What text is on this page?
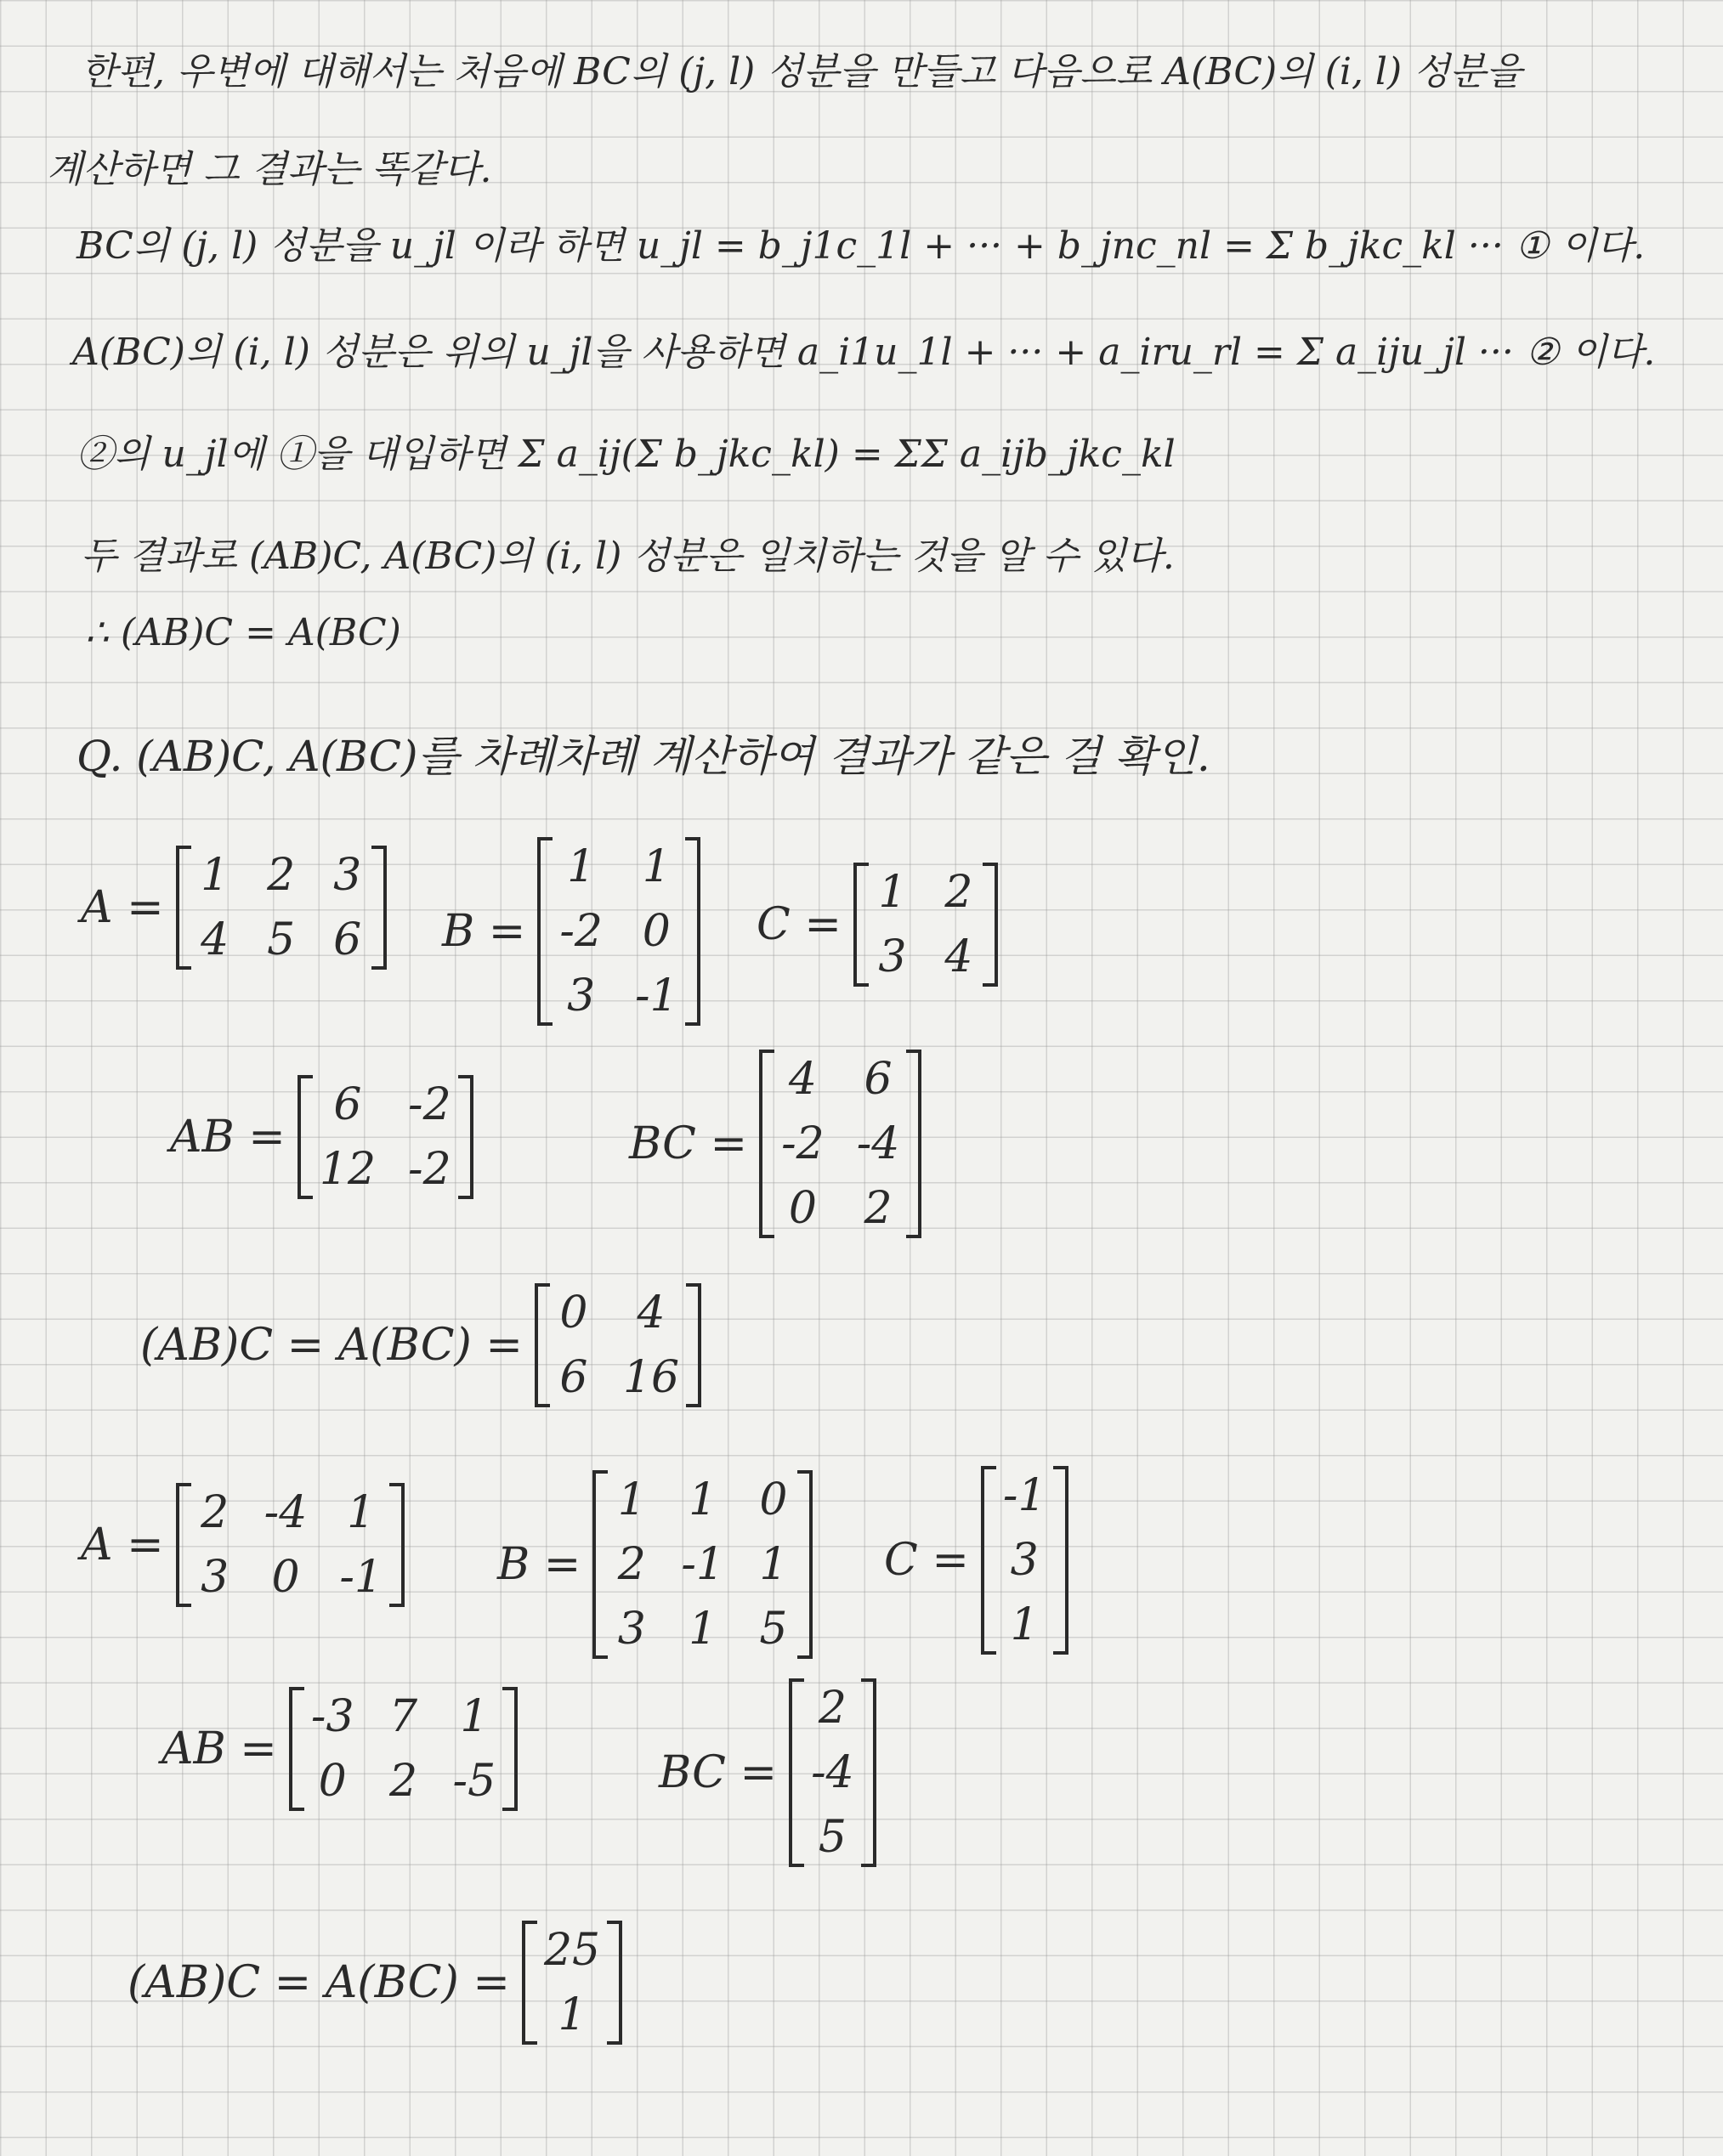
한편, 우변에 대해서는 처음에 BC의 (j, l) 성분을 만들고 다음으로 A(BC)의 (i, l) 성분을
계산하면 그 결과는 똑같다.
BC의 (j, l) 성분을 u_jl 이라 하면 u_jl = b_j1c_1l + ··· + b_jnc_nl = Σ b_jkc_kl ··· ① 이다.
A(BC)의 (i, l) 성분은 위의 u_jl을 사용하면 a_i1u_1l + ··· + a_iru_rl = Σ a_iju_jl ··· ② 이다.
②의 u_jl에 ①을 대입하면 Σ a_ij(Σ b_jkc_kl) = ΣΣ a_ijb_jkc_kl
두 결과로 (AB)C, A(BC)의 (i, l) 성분은 일치하는 것을 알 수 있다.
∴ (AB)C = A(BC)
Q. (AB)C, A(BC)를 차례차례 계산하여 결과가 같은 걸 확인.
A =
1 2 3
4 5 6 B =
1 1
-2 0
3 -1
C =
1 2
3 4
AB =
6	-2
12 -2	BC =
4 6
-2 -4
0 2
(AB)C = A(BC) =
0	4
6 16
A =
2 -4 1
3 0 -1	B =
1 1 0
2 -1 1
3 1 5
C =
-1
3
1
AB =
-3 7 1
0 2 -5	BC =
2
-4
5
(AB)C = A(BC) =
25
1
